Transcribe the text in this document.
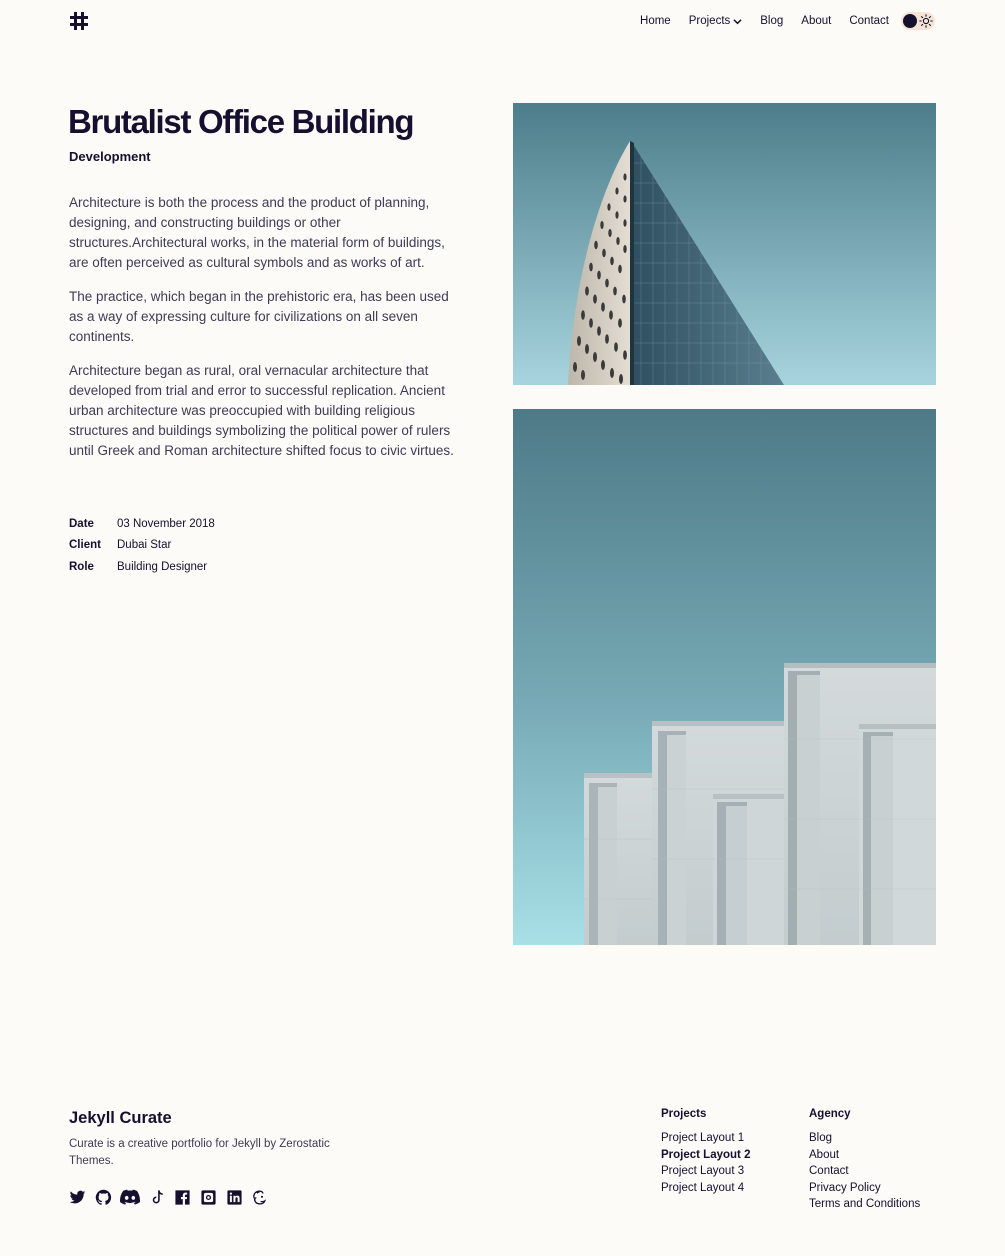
Home Projects	Blog About Contact
Brutalist Office Building
Development

Architecture is both the process and the product of planning, designing, and constructing buildings or other structures.Architectural works, in the material form of buildings, are often perceived as cultural symbols and as works of art.

The practice, which began in the prehistoric era, has been used as a way of expressing culture for civilizations on all seven continents.

Architecture began as rural, oral vernacular architecture that developed from trial and error to successful replication. Ancient urban architecture was preoccupied with building religious structures and buildings symbolizing the political power of rulers until Greek and Roman architecture shifted focus to civic virtues.

Date	03 November 2018
Client	Dubai Star
Role	Building Designer
Jekyll Curate
Curate is a creative portfolio for Jekyll by Zerostatic Themes.
Projects
Project Layout 1
Project Layout 2
Project Layout 3
Project Layout 4
Agency
Blog
About
Contact
Privacy Policy
Terms and Conditions
